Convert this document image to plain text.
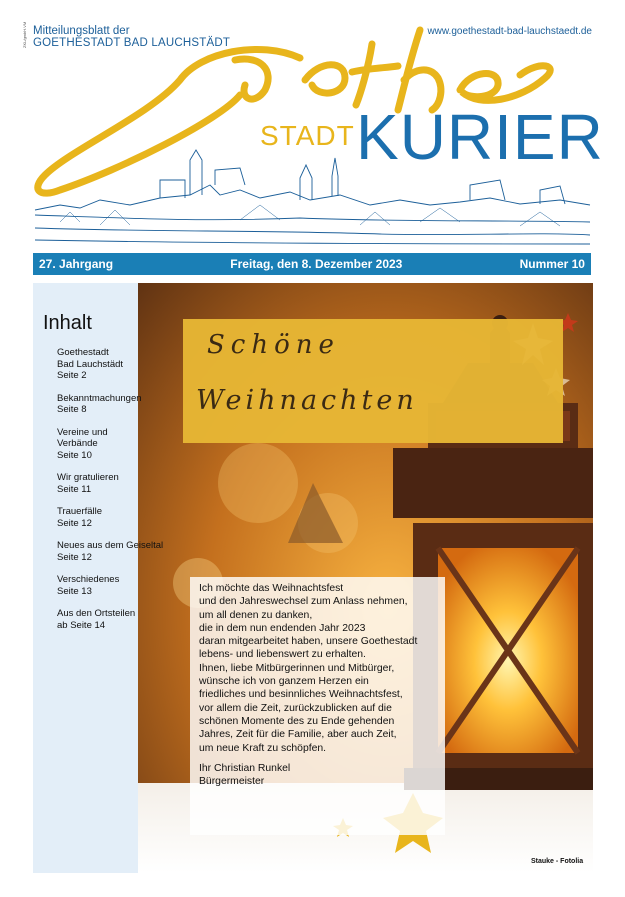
ZKL/gmbH.VM Mitteilungsblatt der
GOETHESTADT BAD LAUCHSTÄDT
www.goethestadt-bad-lauchstaedt.de
STADT KURIER
27. Jahrgang	Freitag, den 8. Dezember 2023	Nummer 10
Schöne
Weihnachten
Inhalt
Goethestadt
Bad Lauchstädt
Seite 2
Bekanntmachungen
Seite 8
Vereine und
Verbände
Seite 10
Wir gratulieren
Seite 11
Trauerfälle
Seite 12
Neues aus dem Geiseltal
Seite 12
Verschiedenes
Seite 13
Aus den Ortsteilen
ab Seite 14

Ich möchte das Weihnachtsfest
und den Jahreswechsel zum Anlass nehmen,
um all denen zu danken,
die in dem nun endenden Jahr 2023
daran mitgearbeitet haben, unsere Goethestadt
lebens- und liebenswert zu erhalten.
Ihnen, liebe Mitbürgerinnen und Mitbürger,
wünsche ich von ganzem Herzen ein
friedliches und besinnliches Weihnachtsfest,
vor allem die Zeit, zurückzublicken auf die
schönen Momente des zu Ende gehenden
Jahres, Zeit für die Familie, aber auch Zeit,
um neue Kraft zu schöpfen.

Ihr Christian Runkel
Bürgermeister

Stauke - Fotolia
